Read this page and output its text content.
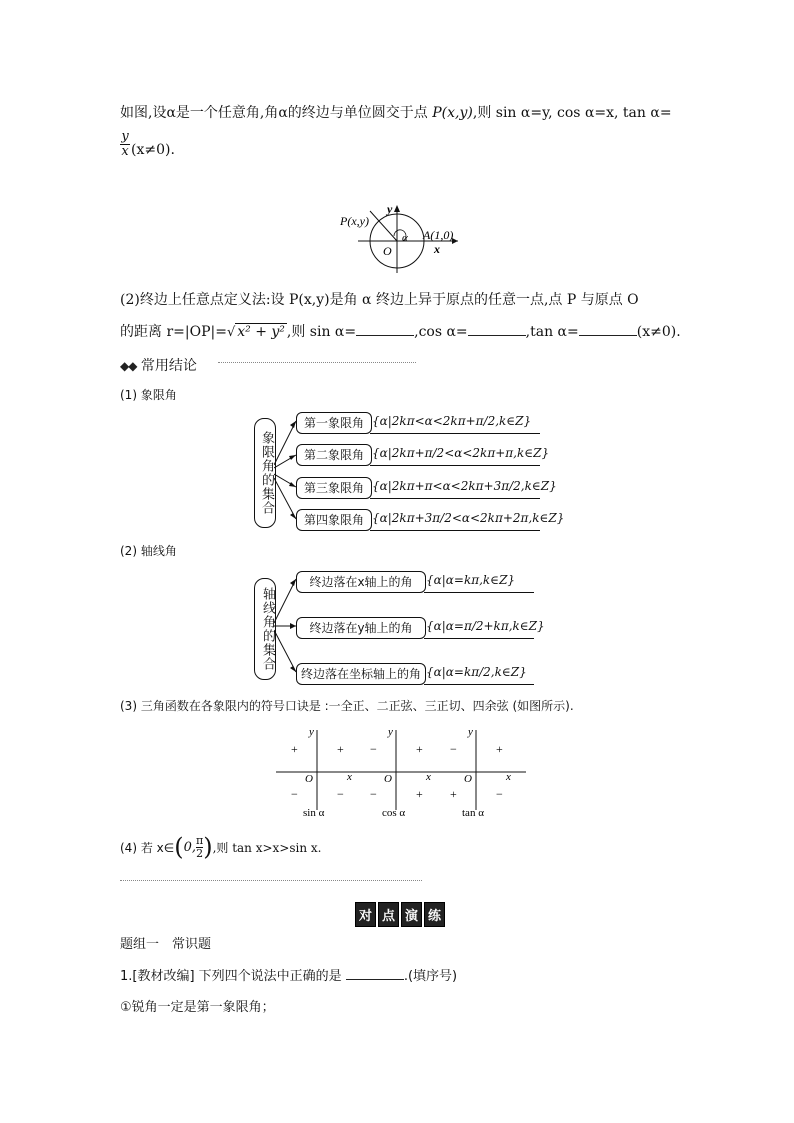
如图,设α是一个任意角,角α的终边与单位圆交于点 P(x,y),则 sin α=y, cos α=x, tan α=
$\frac{y}{x} (x\ne 0)$.
P(x,y)
y
x
O
α A(1,0)
(2)终边上任意点定义法:设 P(x,y)是角 α 终边上异于原点的任意一点,点 P 与原点 O
的距离 r=|OP|=√ x² + y² ,则 sin α=	,cos α=	,tan α=	(x≠0).
◆◆ 常用结论
(1) 象限角
象限角的集合
第一象限角 {α|2kπ<α<2kπ+π/2,k∈Z}
第二象限角 {α|2kπ+π/2<α<2kπ+π,k∈Z}
第三象限角 {α|2kπ+π<α<2kπ+3π/2,k∈Z}
第四象限角 {α|2kπ+3π/2<α<2kπ+2π,k∈Z}
(2) 轴线角
轴线角的集合
终边落在x轴上的角	{α|α=kπ,k∈Z}
终边落在y轴上的角	{α|α=π/2+kπ,k∈Z}
终边落在坐标轴上的角 {α|α=kπ/2,k∈Z}
(3) 三角函数在各象限内的符号口诀是 :一全正、二正弦、三正切、四余弦 (如图所示).
y
O	x
+
+
−	−
sin α
y
O	x
+
−
−	+
cos α
y
O	x
+
−
+	−
tan α
(4) 若 x∈ ( 0, $\frac{\pi}{2}$ ) ,则 tan x>x>sin x.
对 点 演 练
题组一　常识题
1.[教材改编] 下列四个说法中正确的是	.(填序号)
①锐角一定是第一象限角；
